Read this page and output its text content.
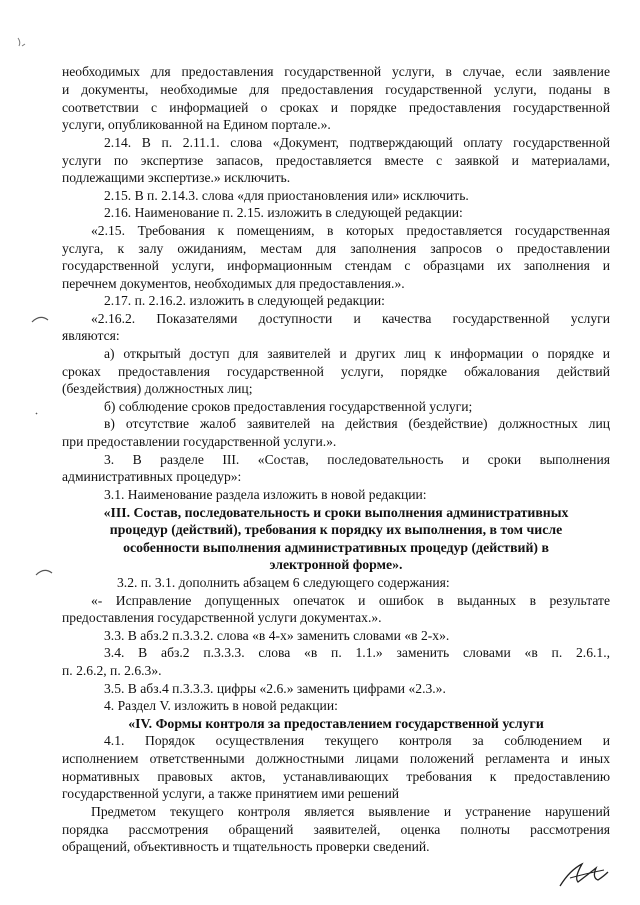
необходимых для предоставления государственной услуги, в случае, если заявление
и документы, необходимые для предоставления государственной услуги, поданы в
соответствии с информацией о сроках и порядке предоставления государственной
услуги, опубликованной на Едином портале.».
2.14. В п. 2.11.1. слова «Документ, подтверждающий оплату государственной
услуги по экспертизе запасов, предоставляется вместе с заявкой и материалами,
подлежащими экспертизе.» исключить.
2.15. В п. 2.14.3. слова «для приостановления или» исключить.
2.16. Наименование п. 2.15. изложить в следующей редакции:
«2.15. Требования к помещениям, в которых предоставляется государственная
услуга, к залу ожиданиям, местам для заполнения запросов о предоставлении
государственной услуги, информационным стендам с образцами их заполнения и
перечнем документов, необходимых для предоставления.».
2.17. п. 2.16.2. изложить в следующей редакции:
«2.16.2. Показателями доступности и качества государственной услуги
являются:
а) открытый доступ для заявителей и других лиц к информации о порядке и
сроках предоставления государственной услуги, порядке обжалования действий
(бездействия) должностных лиц;
б) соблюдение сроков предоставления государственной услуги;
в) отсутствие жалоб заявителей на действия (бездействие) должностных лиц
при предоставлении государственной услуги.».
3. В разделе III. «Состав, последовательность и сроки выполнения
административных процедур»:
3.1. Наименование раздела изложить в новой редакции:
«III. Состав, последовательность и сроки выполнения административных
процедур (действий), требования к порядку их выполнения, в том числе
особенности выполнения административных процедур (действий) в
электронной форме».
3.2. п. 3.1. дополнить абзацем 6 следующего содержания:
«- Исправление допущенных опечаток и ошибок в выданных в результате
предоставления государственной услуги документах.».
3.3. В абз.2 п.3.3.2. слова «в 4-х» заменить словами «в 2-х».
3.4. В абз.2 п.3.3.3. слова «в п. 1.1.» заменить словами «в п. 2.6.1.,
п. 2.6.2, п. 2.6.3».
3.5. В абз.4 п.3.3.3. цифры «2.6.» заменить цифрами «2.3.».
4. Раздел V. изложить в новой редакции:
«IV. Формы контроля за предоставлением государственной услуги
4.1. Порядок осуществления текущего контроля за соблюдением и
исполнением ответственными должностными лицами положений регламента и иных
нормативных правовых актов, устанавливающих требования к предоставлению
государственной услуги, а также принятием ими решений
Предметом текущего контроля является выявление и устранение нарушений
порядка рассмотрения обращений заявителей, оценка полноты рассмотрения
обращений, объективность и тщательность проверки сведений.
